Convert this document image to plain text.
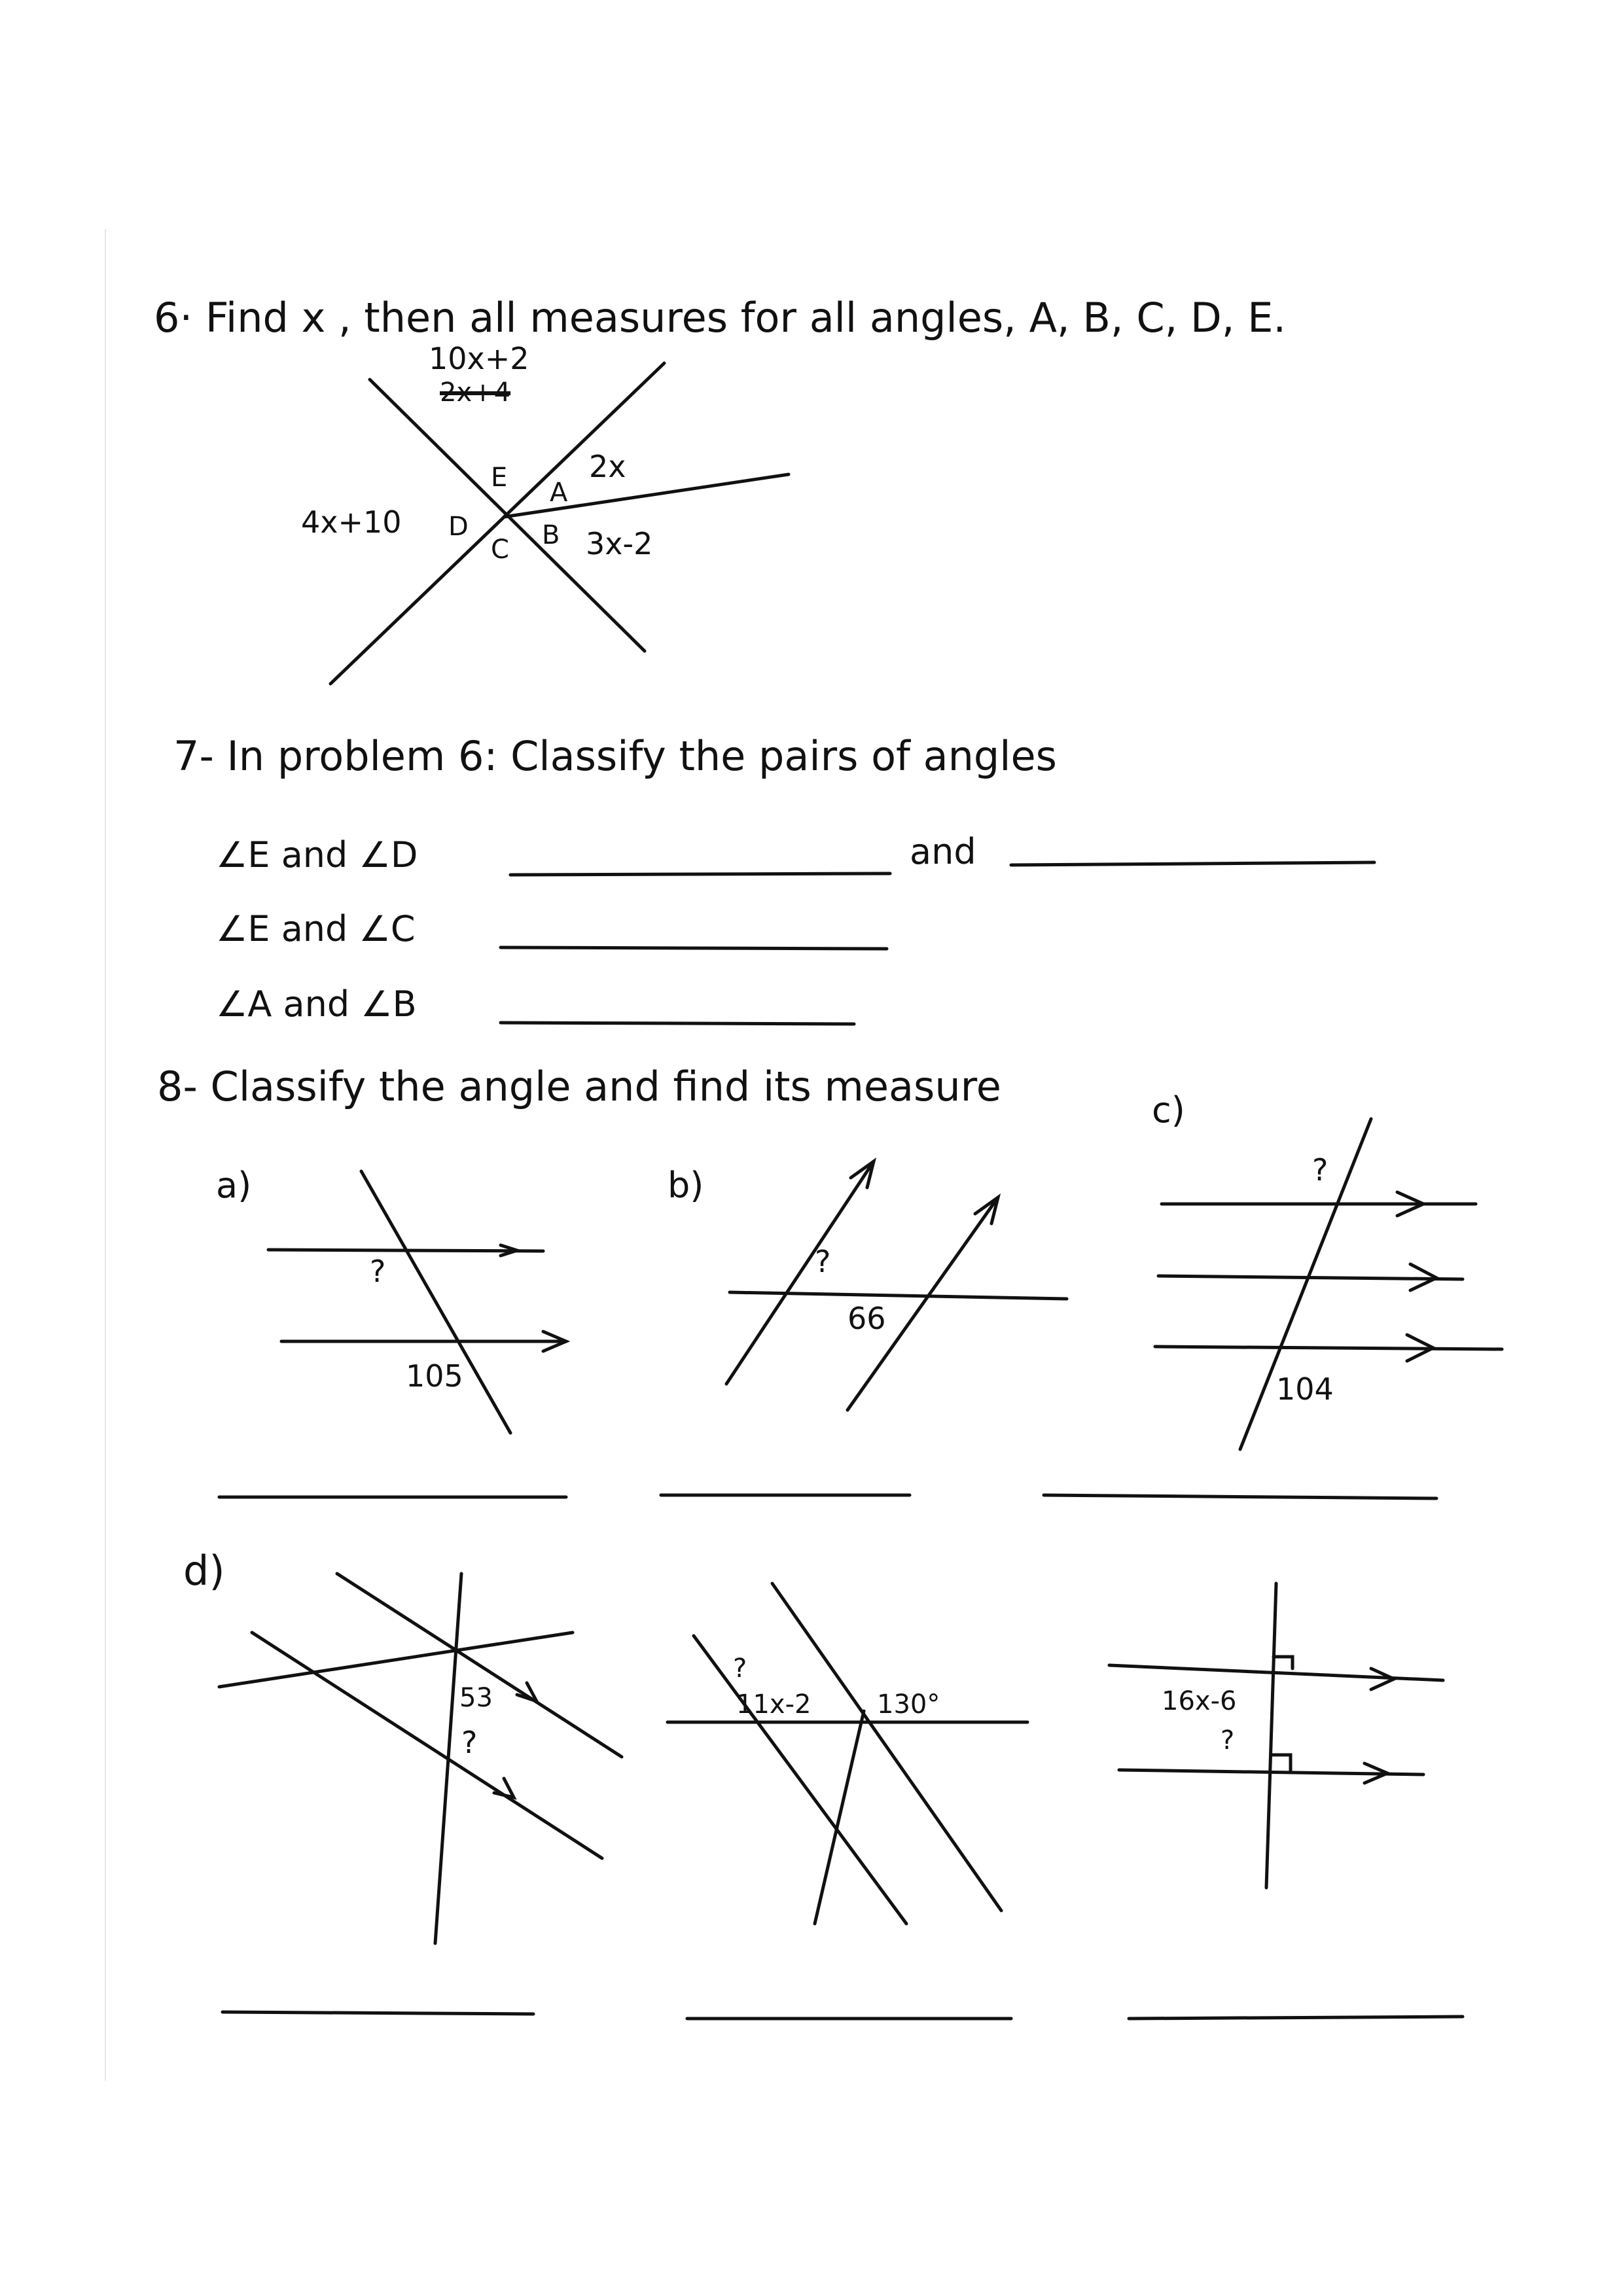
6· Find x , then all measures for all angles, A, B, C, D, E.
10x+2
2x+4
E A
2x
4x+10 D
C B 3x-2
7- In problem 6: Classify the pairs of angles
∠E and ∠D	and
∠E and ∠C
∠A and ∠B
8- Classify the angle and find its measure
a)
?
105
b)
?
66
c)
?
104
d)
53
?
?
11x-2	130°	16x-6
?
